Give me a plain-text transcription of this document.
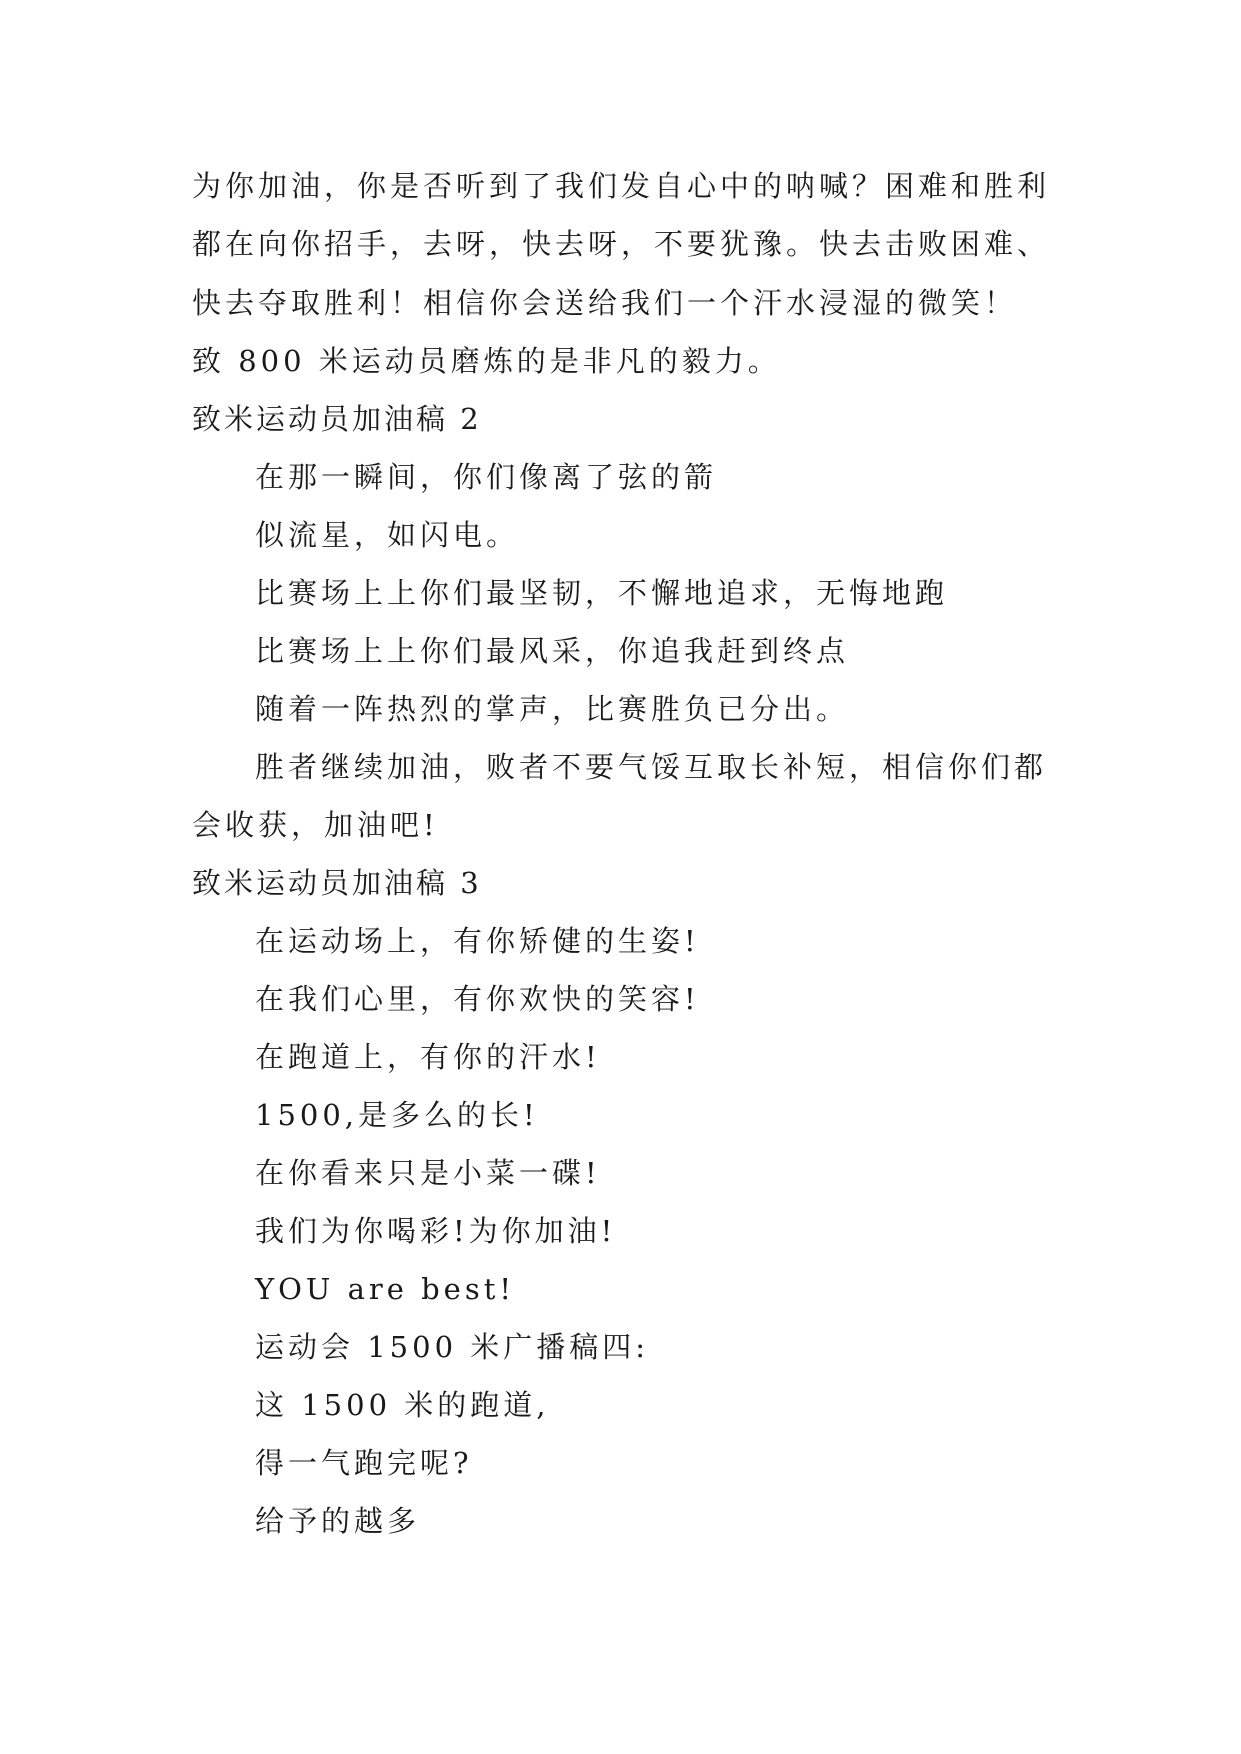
为你加油，你是否听到了我们发自心中的呐喊？困难和胜利
都在向你招手，去呀，快去呀，不要犹豫。快去击败困难、
快去夺取胜利！相信你会送给我们一个汗水浸湿的微笑！
致 800 米运动员磨炼的是非凡的毅力。
致米运动员加油稿 2
在那一瞬间，你们像离了弦的箭
似流星，如闪电。
比赛场上上你们最坚韧，不懈地追求，无悔地跑
比赛场上上你们最风采，你追我赶到终点
随着一阵热烈的掌声，比赛胜负已分出。
胜者继续加油，败者不要气馁互取长补短，相信你们都
会收获，加油吧!
致米运动员加油稿 3
在运动场上，有你矫健的生姿!
在我们心里，有你欢快的笑容!
在跑道上，有你的汗水!
1500,是多么的长!
在你看来只是小菜一碟!
我们为你喝彩!为你加油!
YOU are best!
运动会 1500 米广播稿四:
这 1500 米的跑道,
得一气跑完呢?
给予的越多
